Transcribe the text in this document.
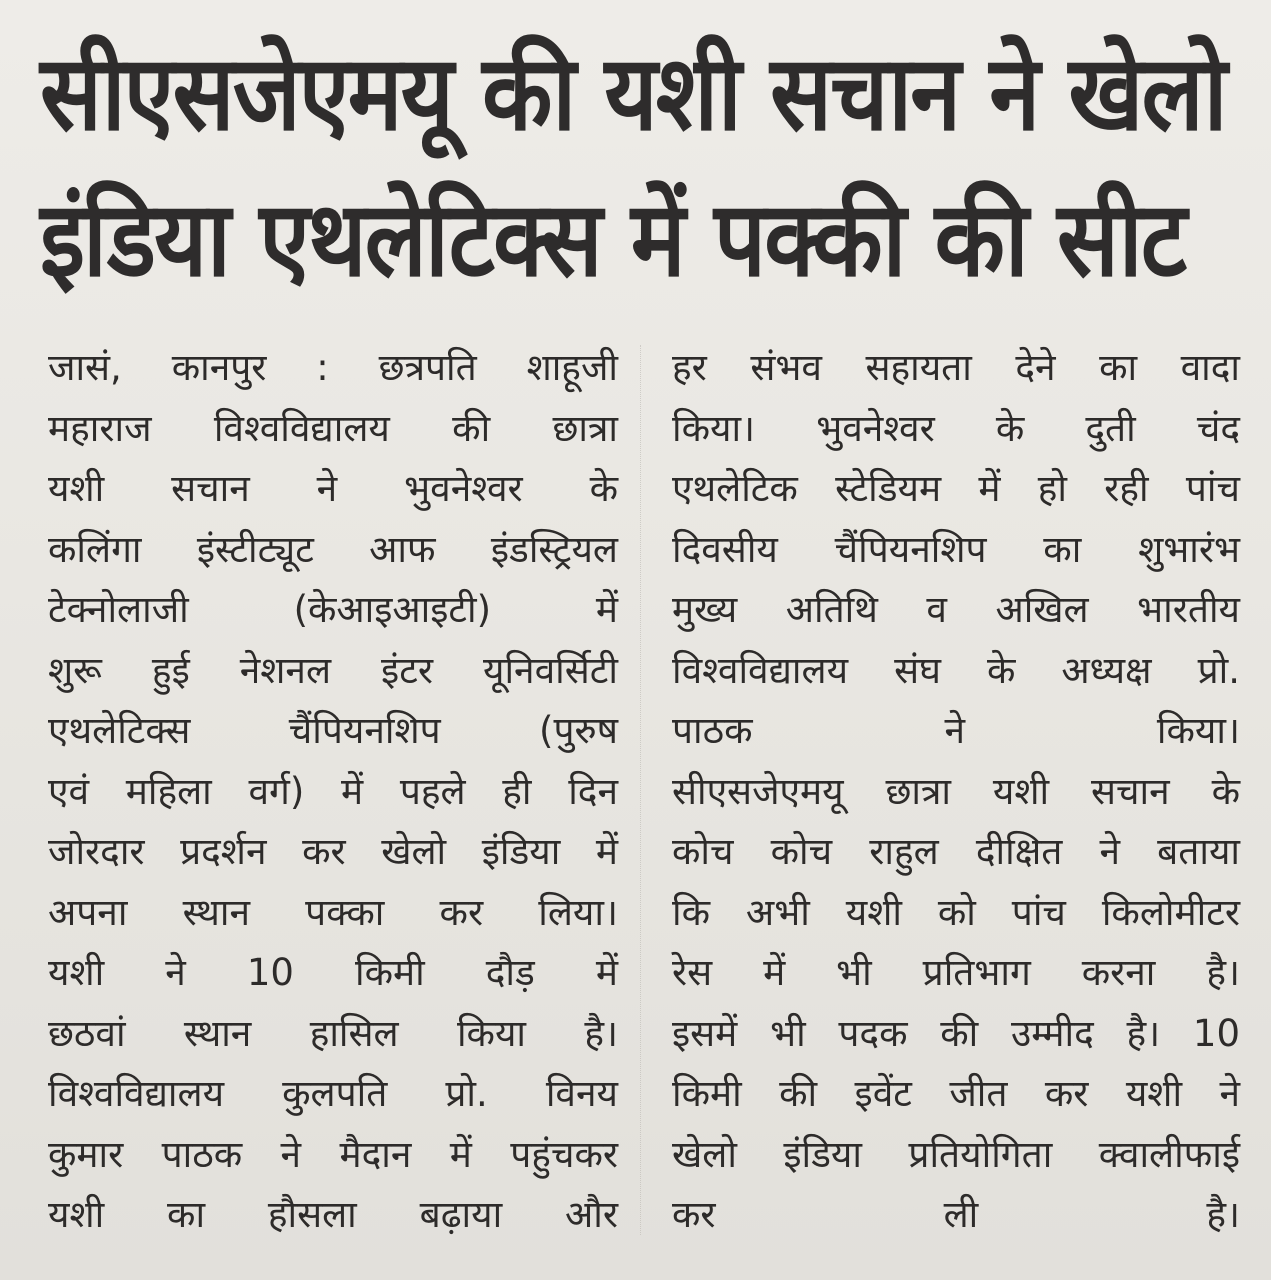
सीएसजेएमयू की यशी सचान ने खेलो
इंडिया एथलेटिक्स में पक्की की सीट

जासं, कानपुर : छत्रपति शाहूजी
महाराज विश्वविद्यालय की छात्रा
यशी सचान ने भुवनेश्वर के
कलिंगा इंस्टीट्यूट आफ इंडस्ट्रियल
टेक्नोलाजी (केआइआइटी) में
शुरू हुई नेशनल इंटर यूनिवर्सिटी
एथलेटिक्स चैंपियनशिप (पुरुष
एवं महिला वर्ग) में पहले ही दिन
जोरदार प्रदर्शन कर खेलो इंडिया में
अपना स्थान पक्का कर लिया।

यशी ने 10 किमी दौड़ में
छठवां स्थान हासिल किया है।
विश्वविद्यालय कुलपति प्रो. विनय
कुमार पाठक ने मैदान में पहुंचकर
यशी का हौसला बढ़ाया और

हर संभव सहायता देने का वादा
किया। भुवनेश्वर के दुती चंद
एथलेटिक स्टेडियम में हो रही पांच
दिवसीय चैंपियनशिप का शुभारंभ
मुख्य अतिथि व अखिल भारतीय
विश्वविद्यालय संघ के अध्यक्ष प्रो.
पाठक ने किया।

सीएसजेएमयू छात्रा यशी सचान के
कोच कोच राहुल दीक्षित ने बताया
कि अभी यशी को पांच किलोमीटर
रेस में भी प्रतिभाग करना है।
इसमें भी पदक की उम्मीद है। 10
किमी की इवेंट जीत कर यशी ने
खेलो इंडिया प्रतियोगिता क्वालीफाई
कर ली है।
